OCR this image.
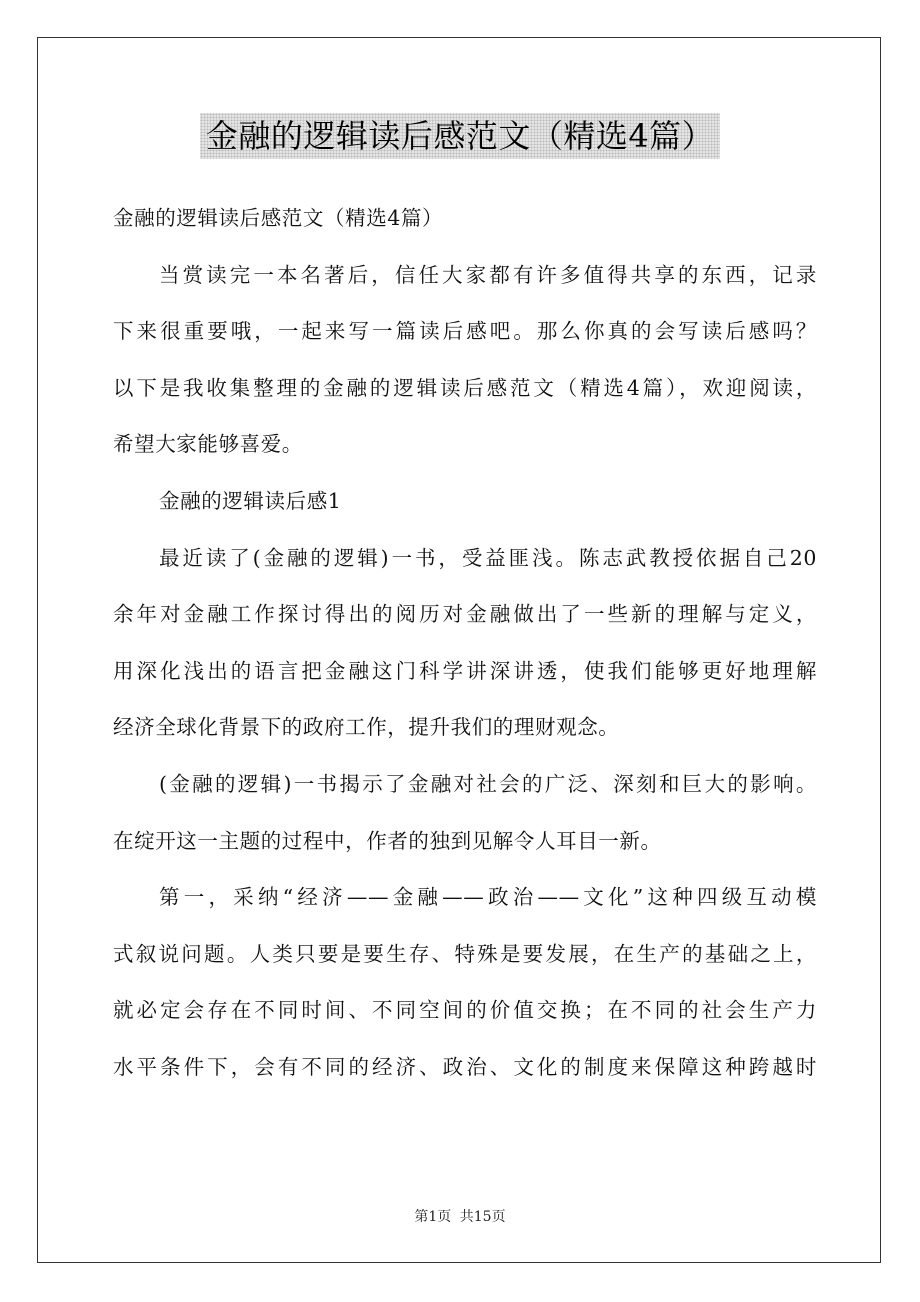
金融的逻辑读后感范文（精选4篇）
金融的逻辑读后感范文（精选4篇）
当赏读完一本名著后，信任大家都有许多值得共享的东西，记录
下来很重要哦，一起来写一篇读后感吧。那么你真的会写读后感吗？
以下是我收集整理的金融的逻辑读后感范文（精选4篇），欢迎阅读，
希望大家能够喜爱。
金融的逻辑读后感1
最近读了(金融的逻辑)一书，受益匪浅。陈志武教授依据自己20
余年对金融工作探讨得出的阅历对金融做出了一些新的理解与定义，
用深化浅出的语言把金融这门科学讲深讲透，使我们能够更好地理解
经济全球化背景下的政府工作，提升我们的理财观念。
(金融的逻辑)一书揭示了金融对社会的广泛、深刻和巨大的影响。
在绽开这一主题的过程中，作者的独到见解令人耳目一新。
第一，采纳“经济——金融——政治——文化”这种四级互动模
式叙说问题。人类只要是要生存、特殊是要发展，在生产的基础之上，
就必定会存在不同时间、不同空间的价值交换；在不同的社会生产力
水平条件下，会有不同的经济、政治、文化的制度来保障这种跨越时
第1页 共15页
